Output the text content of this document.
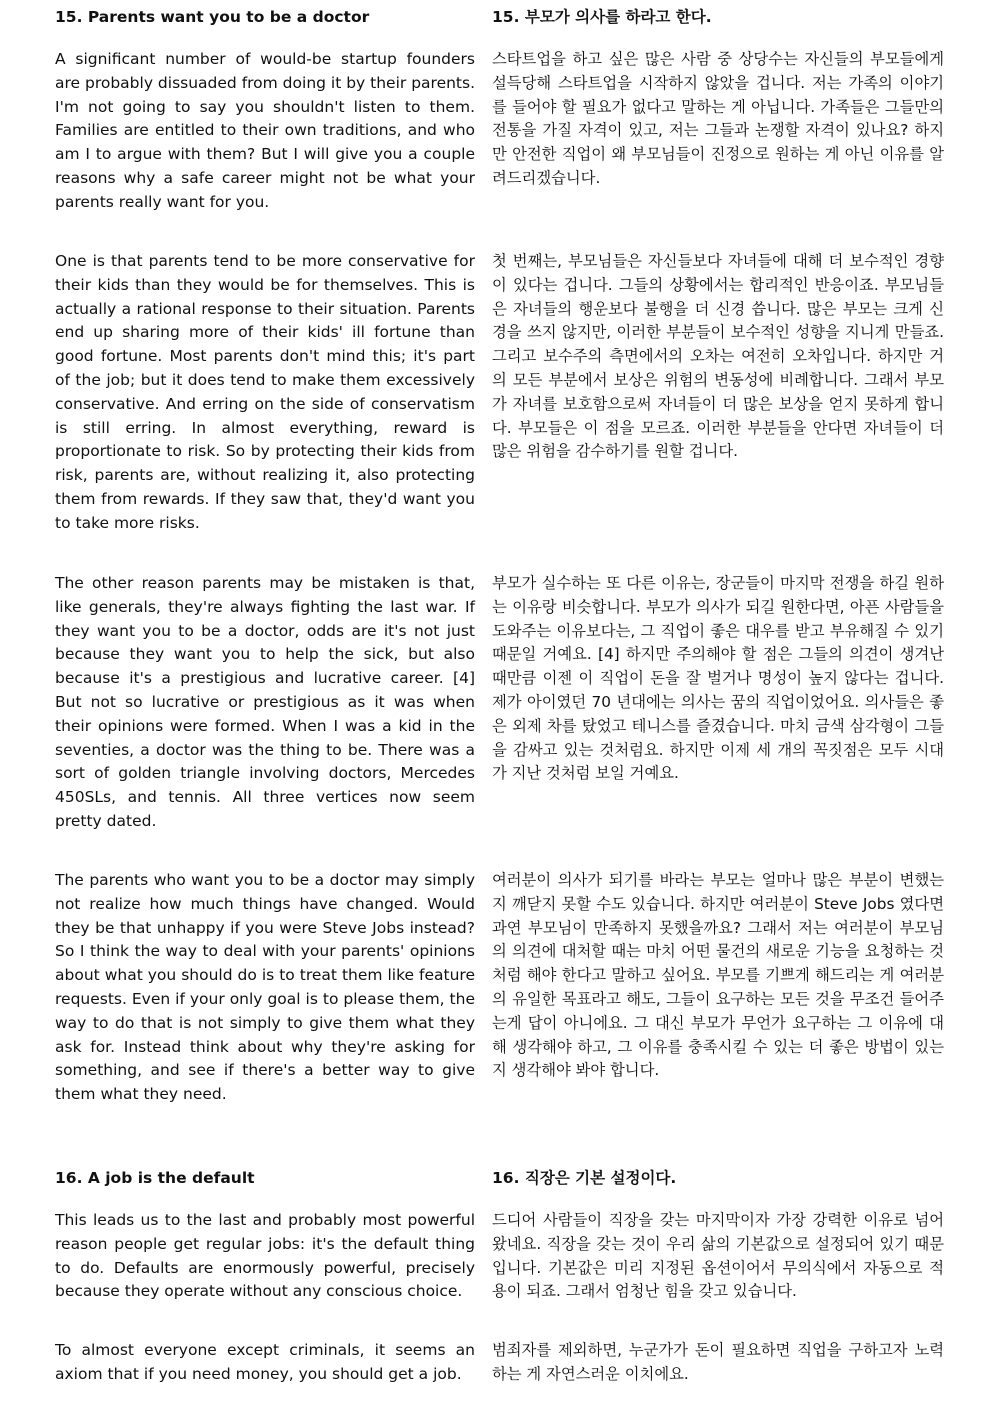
15. Parents want you to be a doctor	15. 부모가 의사를 하라고 한다.
A significant number of would-be startup founders are probably dissuaded from doing it by their parents. I'm not going to say you shouldn't listen to them. Families are entitled to their own traditions, and who am I to argue with them? But I will give you a couple reasons why a safe career might not be what your parents really want for you.
스타트업을 하고 싶은 많은 사람 중 상당수는 자신들의 부모들에게 설득당해 스타트업을 시작하지 않았을 겁니다. 저는 가족의 이야기를 들어야 할 필요가 없다고 말하는 게 아닙니다. 가족들은 그들만의 전통을 가질 자격이 있고, 저는 그들과 논쟁할 자격이 있나요? 하지만 안전한 직업이 왜 부모님들이 진정으로 원하는 게 아닌 이유를 알려드리겠습니다.
One is that parents tend to be more conservative for their kids than they would be for themselves. This is actually a rational response to their situation. Parents end up sharing more of their kids' ill fortune than good fortune. Most parents don't mind this; it's part of the job; but it does tend to make them excessively conservative. And erring on the side of conservatism is still erring. In almost everything, reward is proportionate to risk. So by protecting their kids from risk, parents are, without realizing it, also protecting them from rewards. If they saw that, they'd want you to take more risks.
첫 번째는, 부모님들은 자신들보다 자녀들에 대해 더 보수적인 경향이 있다는 겁니다. 그들의 상황에서는 합리적인 반응이죠. 부모님들은 자녀들의 행운보다 불행을 더 신경 씁니다. 많은 부모는 크게 신경을 쓰지 않지만, 이러한 부분들이 보수적인 성향을 지니게 만들죠. 그리고 보수주의 측면에서의 오차는 여전히 오차입니다. 하지만 거의 모든 부분에서 보상은 위험의 변동성에 비례합니다. 그래서 부모가 자녀를 보호함으로써 자녀들이 더 많은 보상을 얻지 못하게 합니다. 부모들은 이 점을 모르죠. 이러한 부분들을 안다면 자녀들이 더 많은 위험을 감수하기를 원할 겁니다.
The other reason parents may be mistaken is that, like generals, they're always fighting the last war. If they want you to be a doctor, odds are it's not just because they want you to help the sick, but also because it's a prestigious and lucrative career. [4] But not so lucrative or prestigious as it was when their opinions were formed. When I was a kid in the seventies, a doctor was the thing to be. There was a sort of golden triangle involving doctors, Mercedes 450SLs, and tennis. All three vertices now seem pretty dated.
부모가 실수하는 또 다른 이유는, 장군들이 마지막 전쟁을 하길 원하는 이유랑 비슷합니다. 부모가 의사가 되길 원한다면, 아픈 사람들을 도와주는 이유보다는, 그 직업이 좋은 대우를 받고 부유해질 수 있기 때문일 거예요. [4] 하지만 주의해야 할 점은 그들의 의견이 생겨난 때만큼 이젠 이 직업이 돈을 잘 벌거나 명성이 높지 않다는 겁니다. 제가 아이였던 70 년대에는 의사는 꿈의 직업이었어요. 의사들은 좋은 외제 차를 탔었고 테니스를 즐겼습니다. 마치 금색 삼각형이 그들을 감싸고 있는 것처럼요. 하지만 이제 세 개의 꼭짓점은 모두 시대가 지난 것처럼 보일 거예요.
The parents who want you to be a doctor may simply not realize how much things have changed. Would they be that unhappy if you were Steve Jobs instead? So I think the way to deal with your parents' opinions about what you should do is to treat them like feature requests. Even if your only goal is to please them, the way to do that is not simply to give them what they ask for. Instead think about why they're asking for something, and see if there's a better way to give them what they need.
여러분이 의사가 되기를 바라는 부모는 얼마나 많은 부분이 변했는지 깨닫지 못할 수도 있습니다. 하지만 여러분이 Steve Jobs 였다면 과연 부모님이 만족하지 못했을까요? 그래서 저는 여러분이 부모님의 의견에 대처할 때는 마치 어떤 물건의 새로운 기능을 요청하는 것처럼 해야 한다고 말하고 싶어요. 부모를 기쁘게 해드리는 게 여러분의 유일한 목표라고 해도, 그들이 요구하는 모든 것을 무조건 들어주는게 답이 아니에요. 그 대신 부모가 무언가 요구하는 그 이유에 대해 생각해야 하고, 그 이유를 충족시킬 수 있는 더 좋은 방법이 있는지 생각해야 봐야 합니다.
16. A job is the default	16. 직장은 기본 설정이다.
This leads us to the last and probably most powerful reason people get regular jobs: it's the default thing to do. Defaults are enormously powerful, precisely because they operate without any conscious choice.
드디어 사람들이 직장을 갖는 마지막이자 가장 강력한 이유로 넘어왔네요. 직장을 갖는 것이 우리 삶의 기본값으로 설정되어 있기 때문입니다. 기본값은 미리 지정된 옵션이어서 무의식에서 자동으로 적용이 되죠. 그래서 엄청난 힘을 갖고 있습니다.
To almost everyone except criminals, it seems an axiom that if you need money, you should get a job.
범죄자를 제외하면, 누군가가 돈이 필요하면 직업을 구하고자 노력하는 게 자연스러운 이치에요.
